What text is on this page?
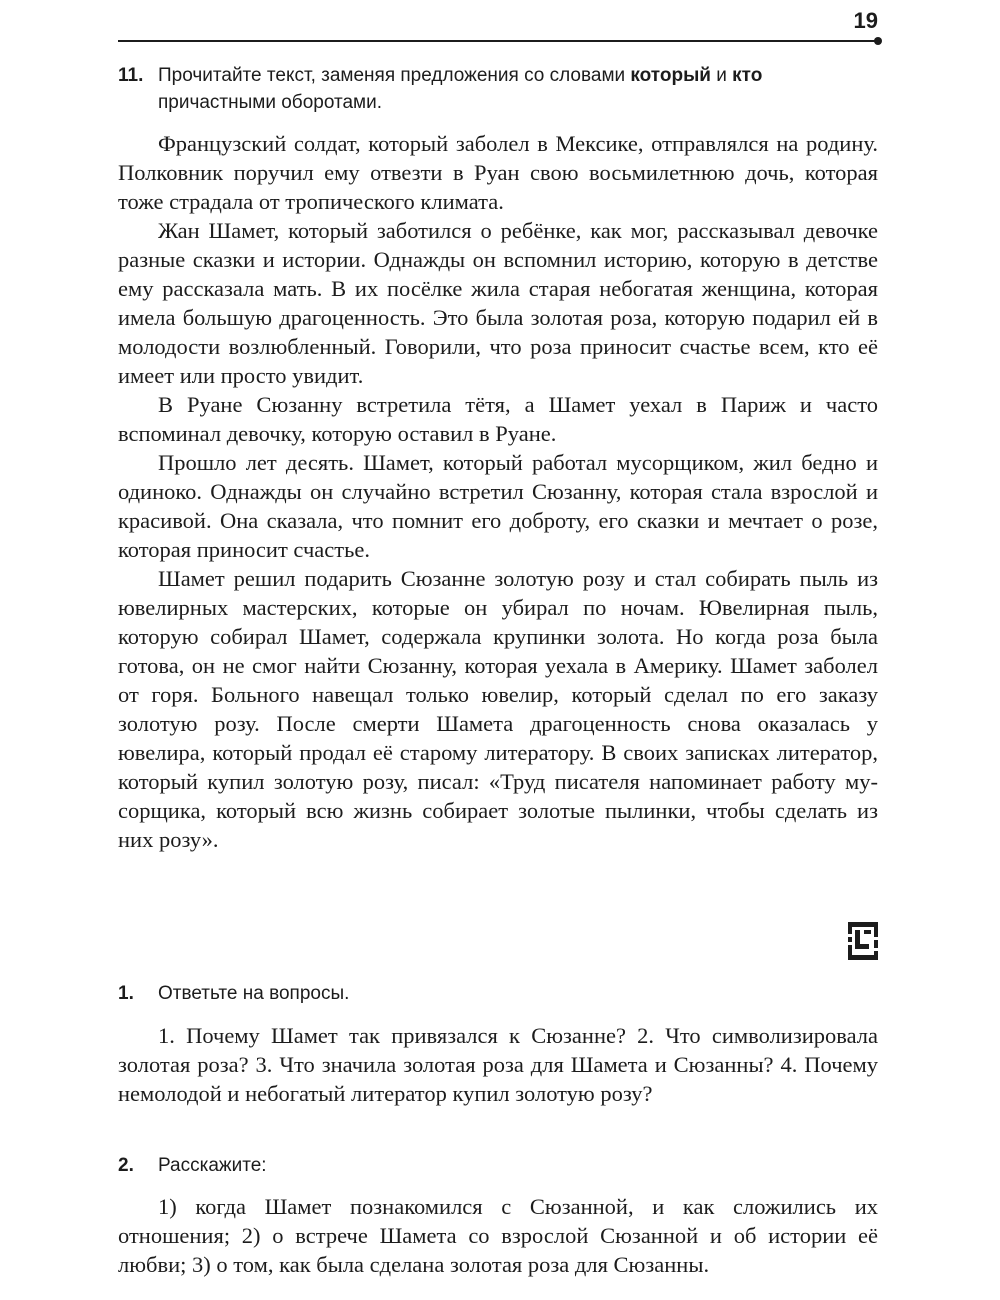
19
11. Прочитайте текст, заменяя предложения со словами который и кто причастными оборотами.

Французский солдат, который заболел в Мексике, отправлялся на родину. Полковник поручил ему отвезти в Руан свою восьмилетнюю дочь, которая тоже страдала от тропического климата.

Жан Шамет, который заботился о ребёнке, как мог, рассказывал девочке разные сказки и истории. Однажды он вспомнил историю, которую в детстве ему рассказала мать. В их посёлке жила старая небогатая женщина, которая имела большую драгоценность. Это была золотая роза, которую подарил ей в молодости возлюбленный. Говорили, что роза приносит счастье всем, кто её имеет или просто увидит.

В Руане Сюзанну встретила тётя, а Шамет уехал в Париж и часто вспоминал девочку, которую оставил в Руане.

Прошло лет десять. Шамет, который работал мусорщиком, жил бедно и одиноко. Однажды он случайно встретил Сюзанну, которая стала взрослой и красивой. Она сказала, что помнит его доброту, его сказки и мечтает о розе, которая приносит счастье.

Шамет решил подарить Сюзанне золотую розу и стал собирать пыль из ювелирных мастерских, которые он убирал по ночам. Ювелирная пыль, которую собирал Шамет, содержала крупинки золота. Но когда роза была готова, он не смог найти Сюзанну, которая уехала в Америку. Шамет заболел от горя. Больного навещал только ювелир, который сделал по его заказу золотую розу. После смерти Шамета драгоценность снова оказалась у ювелира, который продал её старому литератору. В своих записках литератор, который купил золотую розу, писал: «Труд писателя напоминает работу мусорщика, который всю жизнь собирает золотые пылинки, чтобы сделать из них розу».

1. Ответьте на вопросы.

1. Почему Шамет так привязался к Сюзанне? 2. Что символизировала золотая роза? 3. Что значила золотая роза для Шамета и Сюзанны? 4. Почему немолодой и небогатый литератор купил золотую розу?

2. Расскажите:

1) когда Шамет познакомился с Сюзанной, и как сложились их отношения; 2) о встрече Шамета со взрослой Сюзанной и об истории её любви; 3) о том, как была сделана золотая роза для Сюзанны.
